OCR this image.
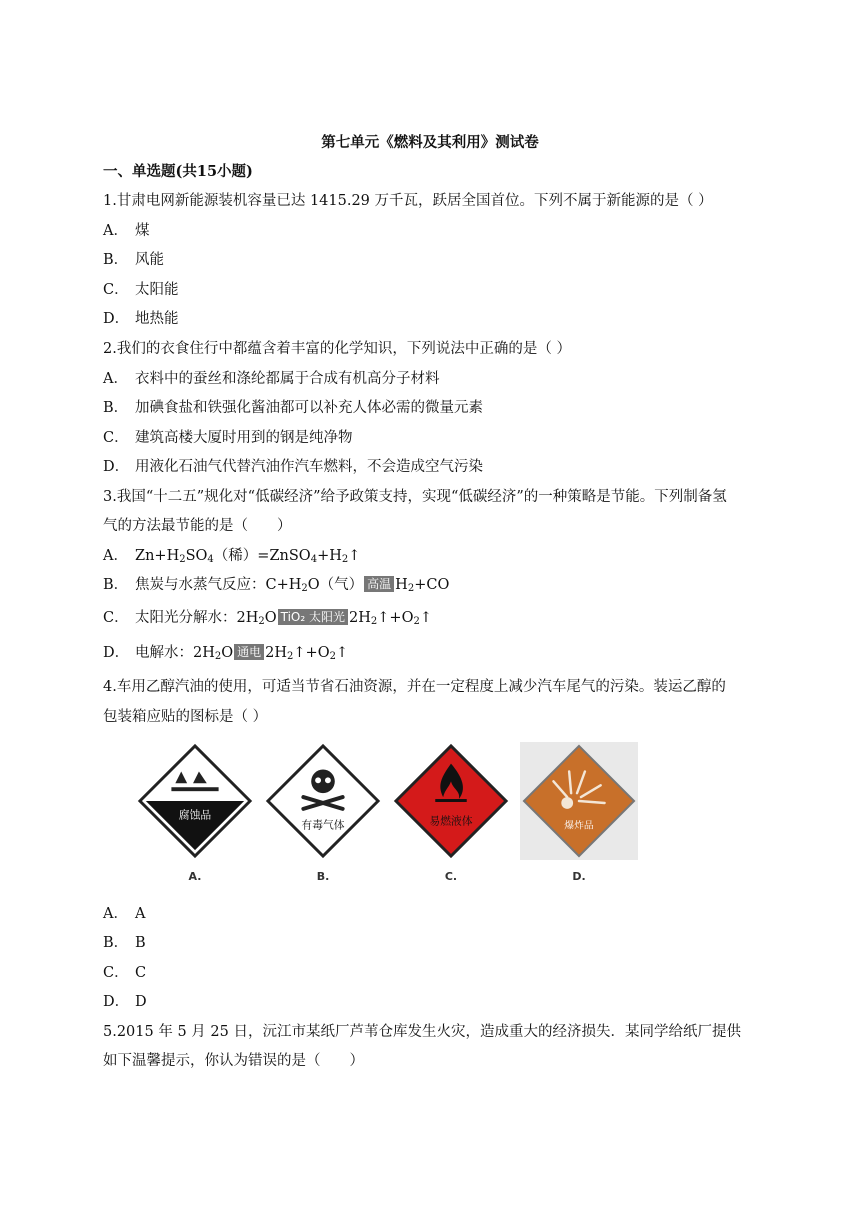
第七单元《燃料及其利用》测试卷
一、单选题(共15小题)
1.甘肃电网新能源装机容量已达 1415.29 万千瓦，跃居全国首位。下列不属于新能源的是（ ）
A． 煤
B． 风能
C． 太阳能
D． 地热能
2.我们的衣食住行中都蕴含着丰富的化学知识，下列说法中正确的是（ ）
A． 衣料中的蚕丝和涤纶都属于合成有机高分子材料
B． 加碘食盐和铁强化酱油都可以补充人体必需的微量元素
C． 建筑高楼大厦时用到的钢是纯净物
D． 用液化石油气代替汽油作汽车燃料，不会造成空气污染
3.我国“十二五”规化对“低碳经济”给予政策支持，实现“低碳经济”的一种策略是节能。下列制备氢
气的方法最节能的是（　　）
A． $Zn+H_2SO_4$（稀）$=ZnSO_4+H_2↑$
B． 焦炭与水蒸气反应：$C+H_2O$（气） 高温 $H_2+CO$
C． 太阳光分解水：$2H_2O$ TiO₂ 太阳光 $2H_2↑+O_2↑$
D． 电解水：$2H_2O$ 通电 $2H_2↑+O_2↑$
4.车用乙醇汽油的使用，可适当节省石油资源，并在一定程度上减少汽车尾气的污染。装运乙醇的
包装箱应贴的图标是（ ）
腐蚀品
有毒气体	易燃液体	爆炸品
A.	B.	C.	D.
A． A
B． B
C． C
D． D
5.2015 年 5 月 25 日，沅江市某纸厂芦苇仓库发生火灾，造成重大的经济损失．某同学给纸厂提供
如下温馨提示，你认为错误的是（　　）
